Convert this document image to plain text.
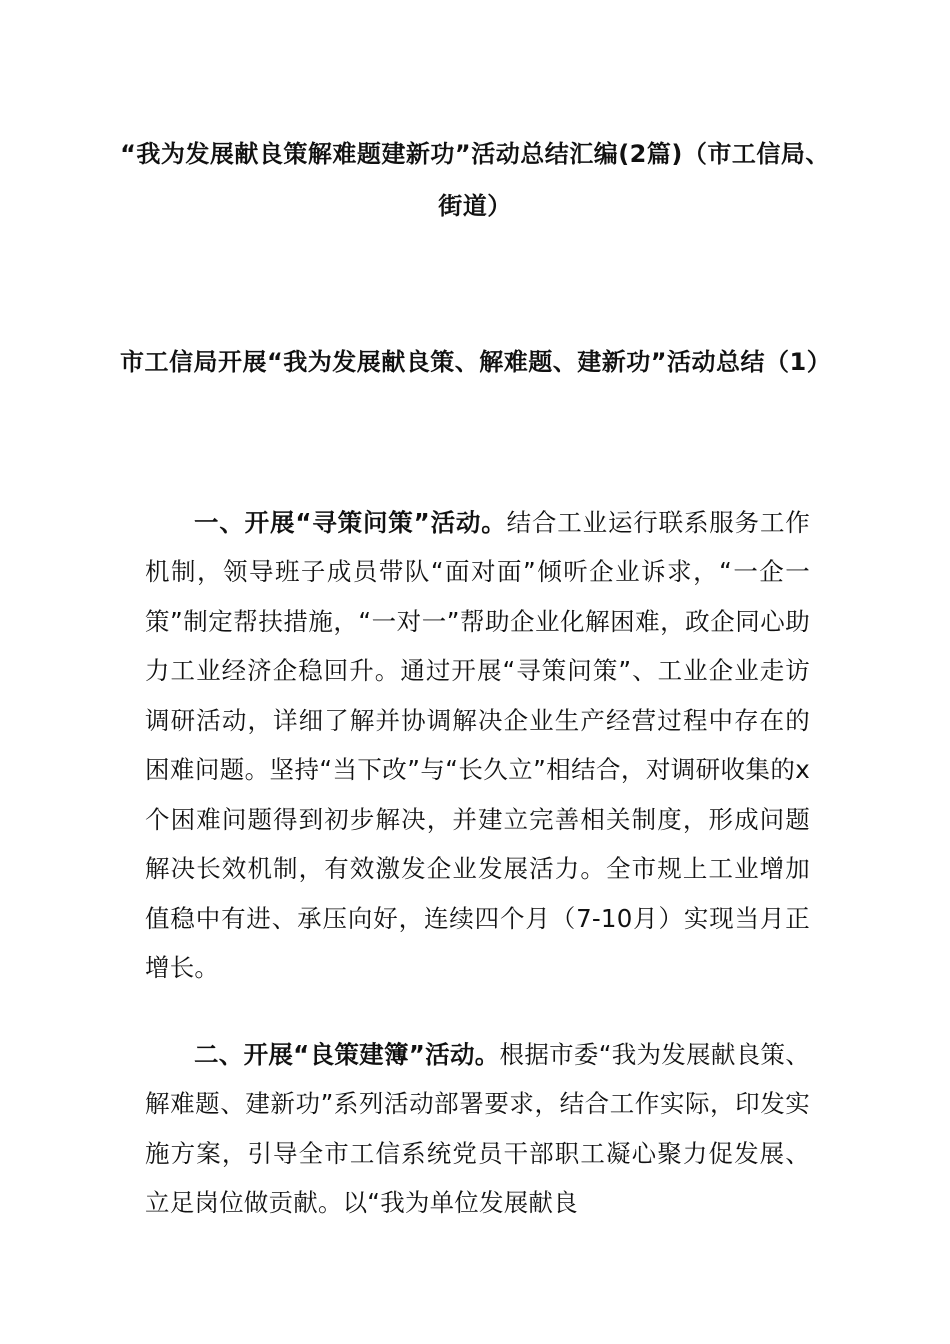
“我为发展献良策解难题建新功”活动总结汇编(2篇)（市工信局、街道）
市工信局开展“我为发展献良策、解难题、建新功”活动总结（1）

一、开展“寻策问策”活动。结合工业运行联系服务工作机制，领导班子成员带队“面对面”倾听企业诉求，“一企一策”制定帮扶措施，“一对一”帮助企业化解困难，政企同心助力工业经济企稳回升。通过开展“寻策问策”、工业企业走访调研活动，详细了解并协调解决企业生产经营过程中存在的困难问题。坚持“当下改”与“长久立”相结合，对调研收集的x个困难问题得到初步解决，并建立完善相关制度，形成问题解决长效机制，有效激发企业发展活力。全市规上工业增加值稳中有进、承压向好，连续四个月（7-10月）实现当月正增长。

二、开展“良策建簿”活动。根据市委“我为发展献良策、解难题、建新功”系列活动部署要求，结合工作实际，印发实施方案，引导全市工信系统党员干部职工凝心聚力促发展、立足岗位做贡献。以“我为单位发展献良
